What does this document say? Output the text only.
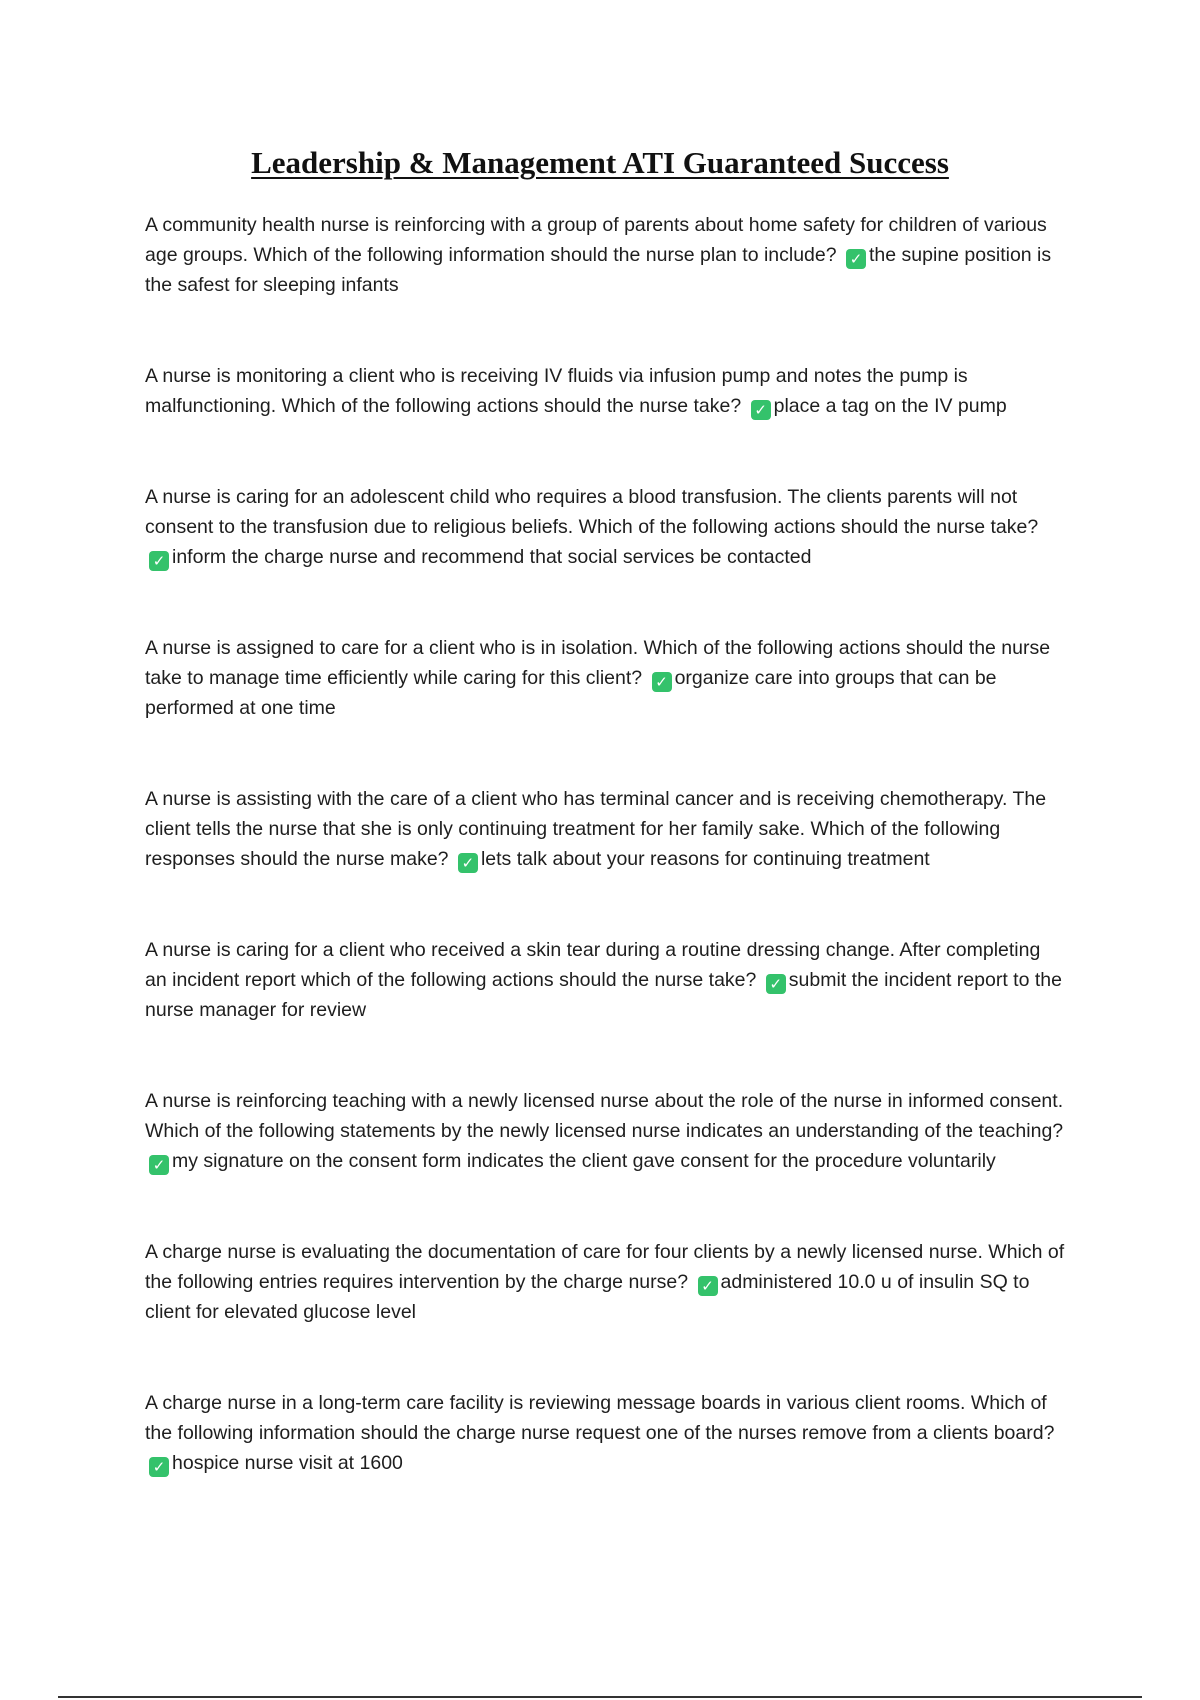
Leadership & Management ATI Guaranteed Success

A community health nurse is reinforcing with a group of parents about home safety for children of various age groups. Which of the following information should the nurse plan to include? ✓ the supine position is the safest for sleeping infants

A nurse is monitoring a client who is receiving IV fluids via infusion pump and notes the pump is malfunctioning. Which of the following actions should the nurse take? ✓ place a tag on the IV pump

A nurse is caring for an adolescent child who requires a blood transfusion. The clients parents will not consent to the transfusion due to religious beliefs. Which of the following actions should the nurse take? ✓ inform the charge nurse and recommend that social services be contacted

A nurse is assigned to care for a client who is in isolation. Which of the following actions should the nurse take to manage time efficiently while caring for this client? ✓ organize care into groups that can be performed at one time

A nurse is assisting with the care of a client who has terminal cancer and is receiving chemotherapy. The client tells the nurse that she is only continuing treatment for her family sake. Which of the following responses should the nurse make? ✓ lets talk about your reasons for continuing treatment

A nurse is caring for a client who received a skin tear during a routine dressing change. After completing an incident report which of the following actions should the nurse take? ✓ submit the incident report to the nurse manager for review

A nurse is reinforcing teaching with a newly licensed nurse about the role of the nurse in informed consent. Which of the following statements by the newly licensed nurse indicates an understanding of the teaching? ✓ my signature on the consent form indicates the client gave consent for the procedure voluntarily

A charge nurse is evaluating the documentation of care for four clients by a newly licensed nurse. Which of the following entries requires intervention by the charge nurse? ✓ administered 10.0 u of insulin SQ to client for elevated glucose level

A charge nurse in a long-term care facility is reviewing message boards in various client rooms. Which of the following information should the charge nurse request one of the nurses remove from a clients board? ✓ hospice nurse visit at 1600
